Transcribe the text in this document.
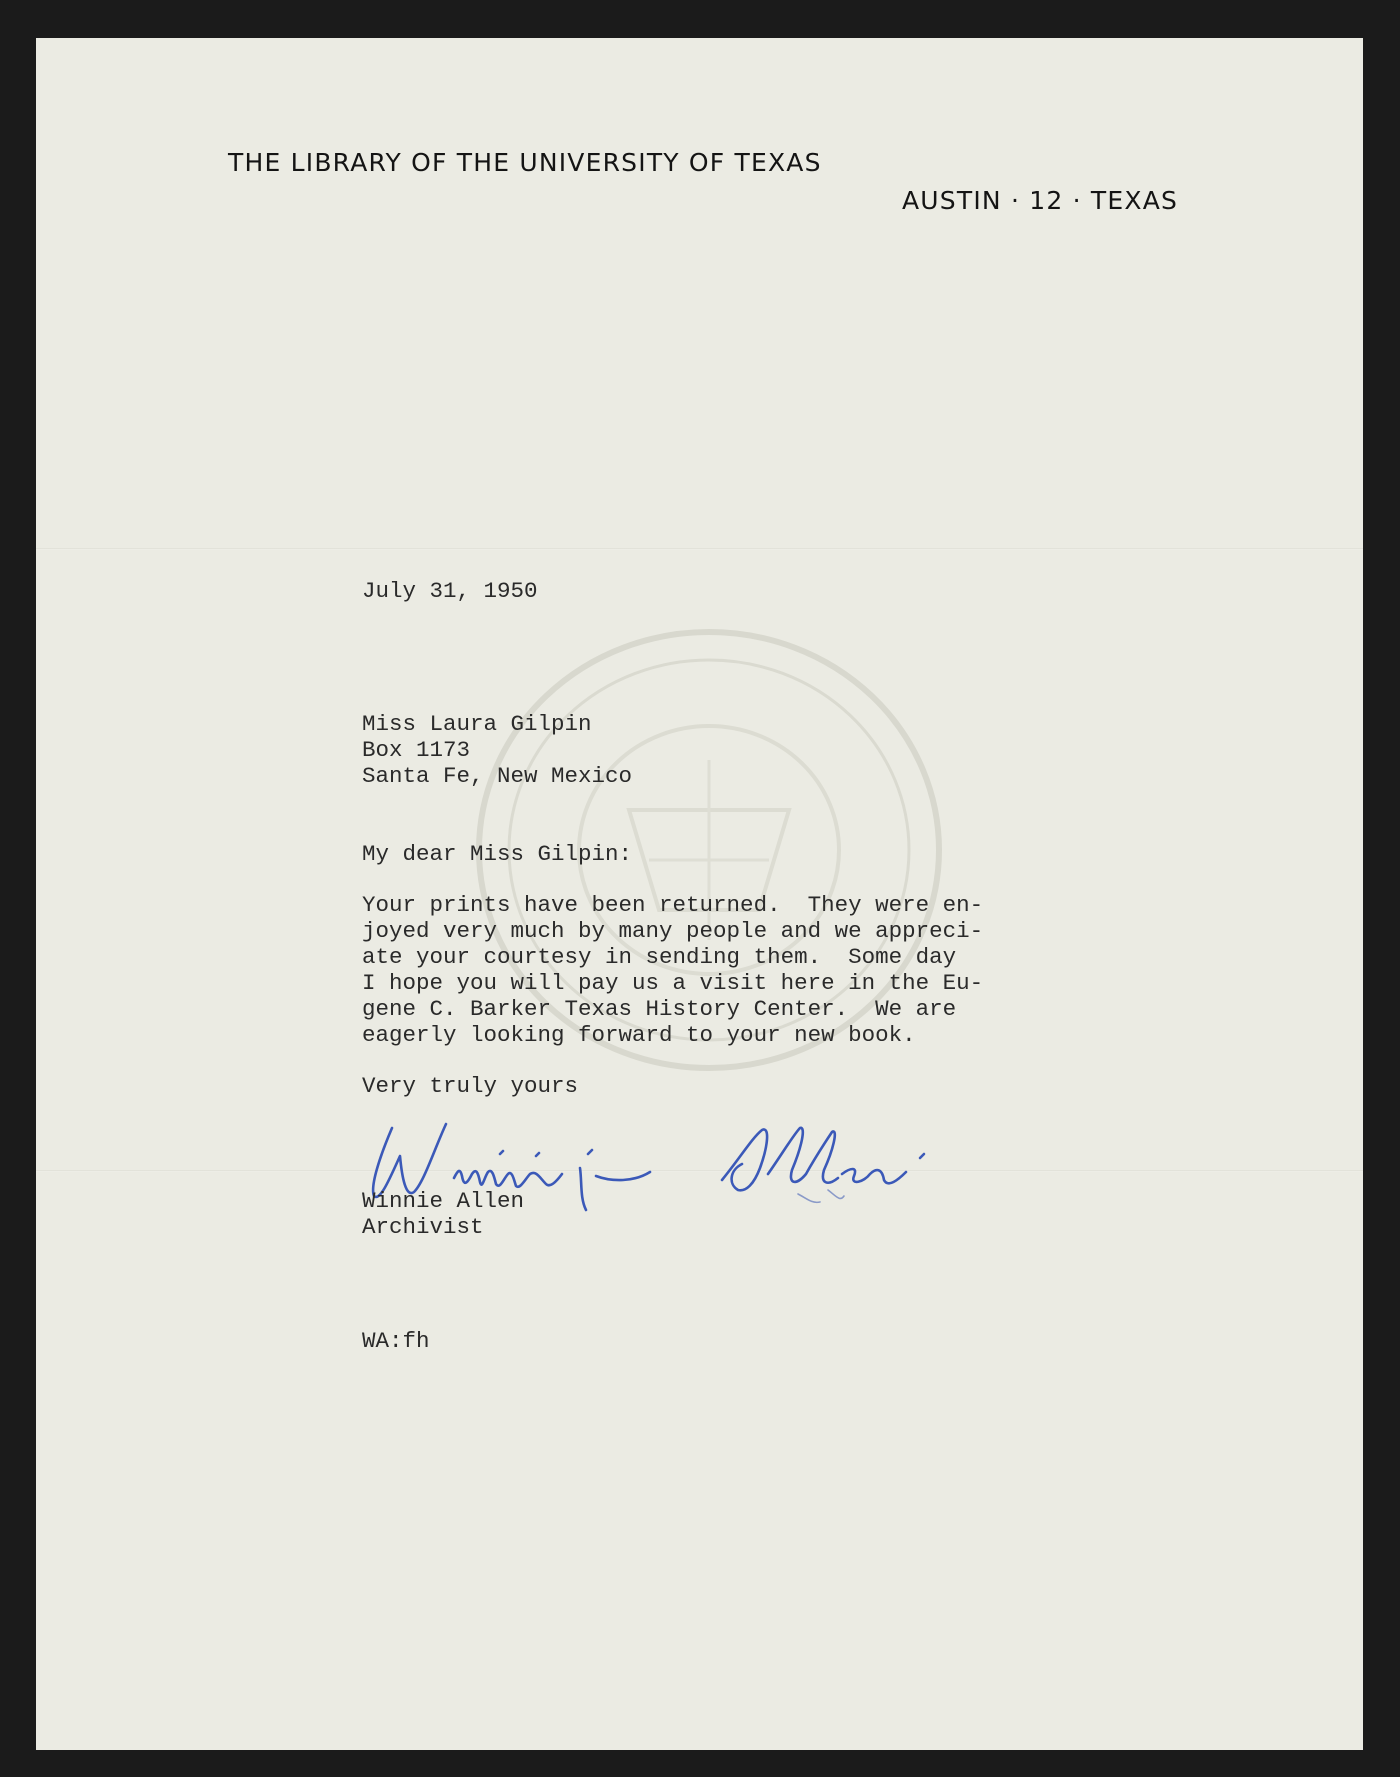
THE LIBRARY OF THE UNIVERSITY OF TEXAS
AUSTIN · 12 · TEXAS
July 31, 1950
Miss Laura Gilpin
Box 1173
Santa Fe, New Mexico
My dear Miss Gilpin:
Your prints have been returned.  They were en-
joyed very much by many people and we appreci-
ate your courtesy in sending them.  Some day
I hope you will pay us a visit here in the Eu-
gene C. Barker Texas History Center.  We are
eagerly looking forward to your new book.
Very truly yours
Winnie Allen
Archivist
WA:fh
